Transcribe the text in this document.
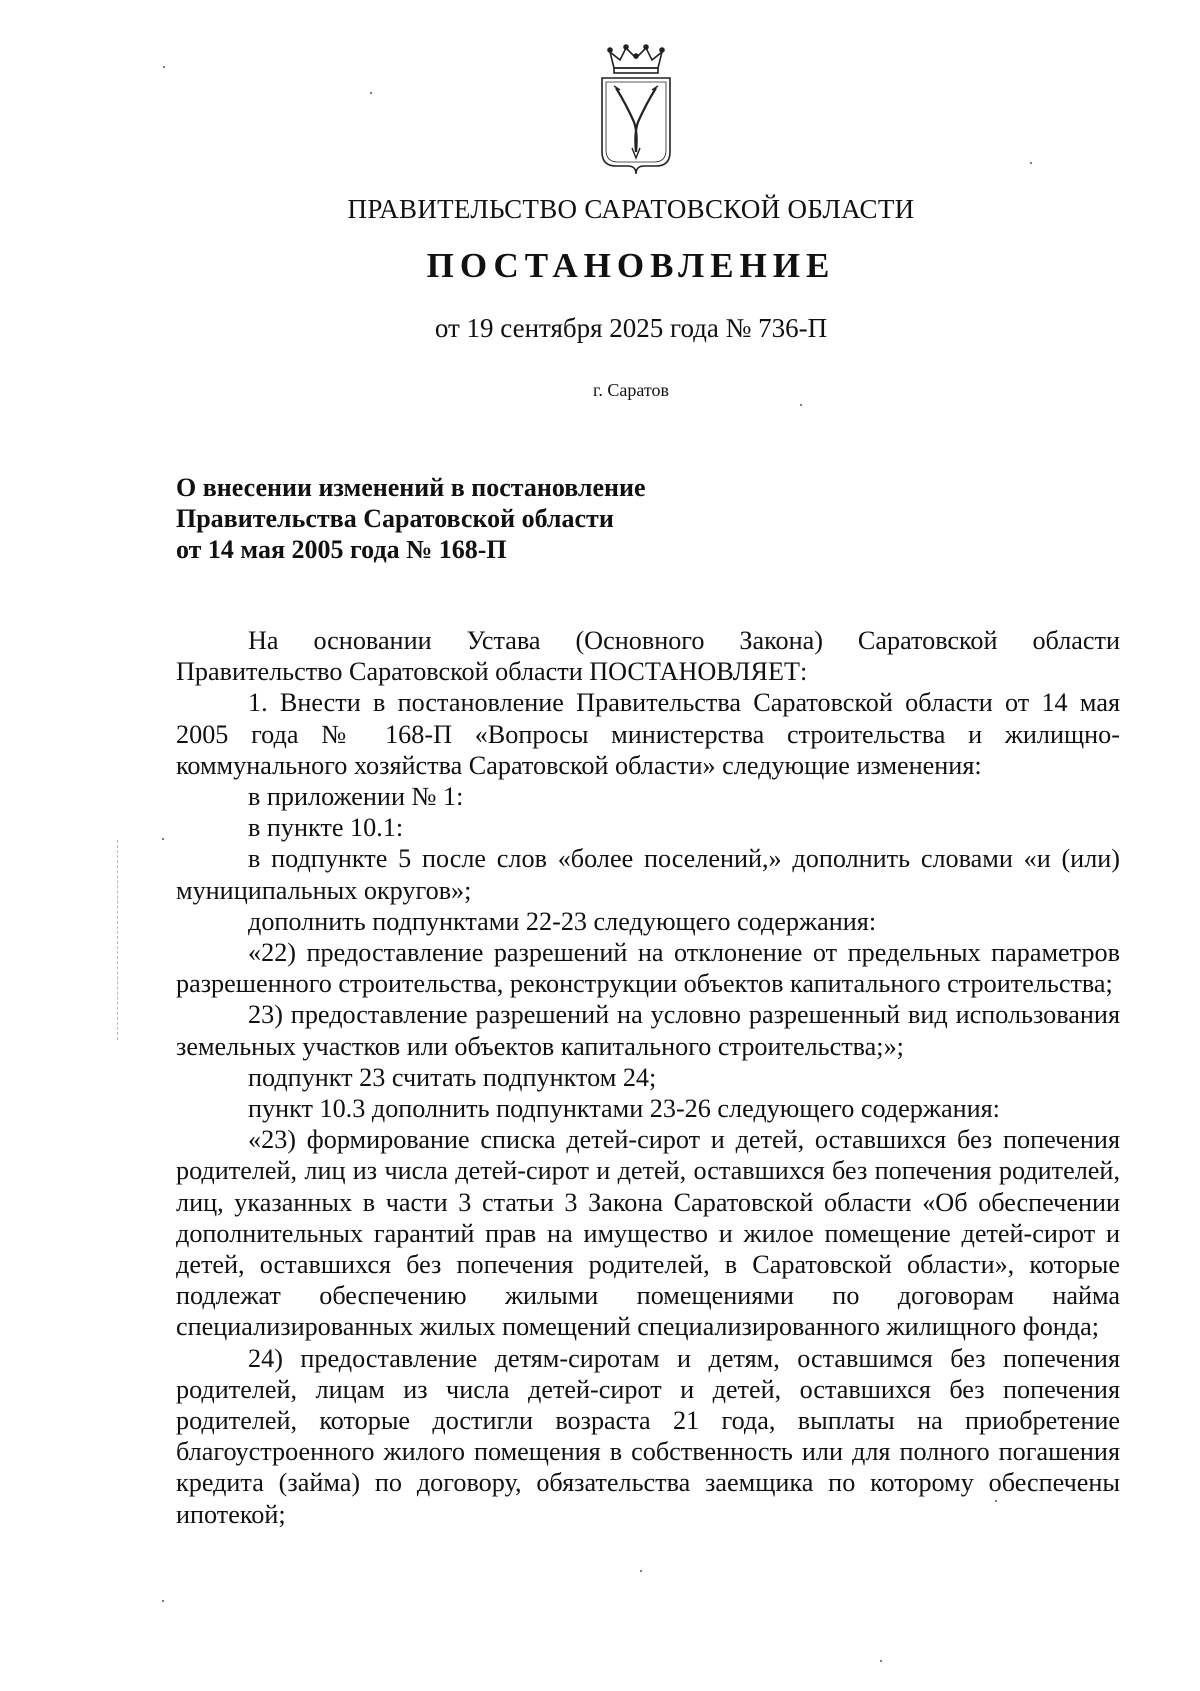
ПРАВИТЕЛЬСТВО САРАТОВСКОЙ ОБЛАСТИ
ПОСТАНОВЛЕНИЕ
от 19 сентября 2025 года № 736-П
г. Саратов
О внесении изменений в постановление
Правительства Саратовской области
от 14 мая 2005 года № 168-П

На основании Устава (Основного Закона) Саратовской области Правительство Саратовской области ПОСТАНОВЛЯЕТ:

1. Внести в постановление Правительства Саратовской области от 14 мая 2005 года № 168-П «Вопросы министерства строительства и жилищно-коммунального хозяйства Саратовской области» следующие изменения:

в приложении № 1:

в пункте 10.1:

в подпункте 5 после слов «более поселений,» дополнить словами «и (или) муниципальных округов»;

дополнить подпунктами 22-23 следующего содержания:

«22) предоставление разрешений на отклонение от предельных параметров разрешенного строительства, реконструкции объектов капитального строительства;

23) предоставление разрешений на условно разрешенный вид использования земельных участков или объектов капитального строительства;»;

подпункт 23 считать подпунктом 24;

пункт 10.3 дополнить подпунктами 23-26 следующего содержания:

«23) формирование списка детей-сирот и детей, оставшихся без попечения родителей, лиц из числа детей-сирот и детей, оставшихся без попечения родителей, лиц, указанных в части 3 статьи 3 Закона Саратовской области «Об обеспечении дополнительных гарантий прав на имущество и жилое помещение детей-сирот и детей, оставшихся без попечения родителей, в Саратовской области», которые подлежат обеспечению жилыми помещениями по договорам найма специализированных жилых помещений специализированного жилищного фонда;

24) предоставление детям-сиротам и детям, оставшимся без попечения родителей, лицам из числа детей-сирот и детей, оставшихся без попечения родителей, которые достигли возраста 21 года, выплаты на приобретение благоустроенного жилого помещения в собственность или для полного погашения кредита (займа) по договору, обязательства заемщика по которому обеспечены ипотекой;
